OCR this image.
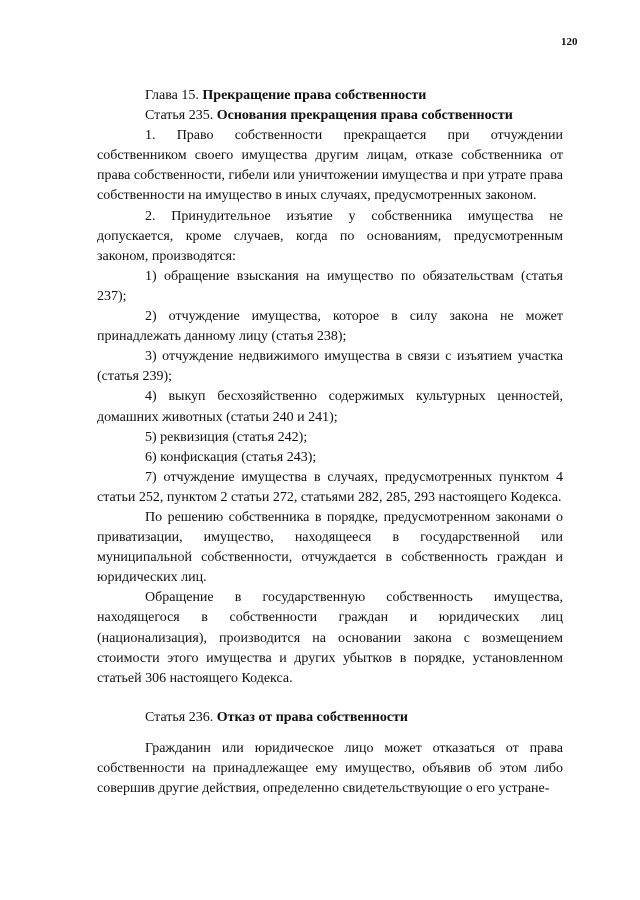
120

Глава 15. Прекращение права собственности

Статья 235. Основания прекращения права собственности

1. Право собственности прекращается при отчуждении собственником своего имущества другим лицам, отказе собственника от права собственности, гибели или уничтожении имущества и при утрате права собственности на имущество в иных случаях, предусмотренных законом.

2. Принудительное изъятие у собственника имущества не допускается, кроме случаев, когда по основаниям, предусмотренным законом, производятся:

1) обращение взыскания на имущество по обязательствам (статья 237);

2) отчуждение имущества, которое в силу закона не может принадлежать данному лицу (статья 238);

3) отчуждение недвижимого имущества в связи с изъятием участка (статья 239);

4) выкуп бесхозяйственно содержимых культурных ценностей, домашних животных (статьи 240 и 241);

5) реквизиция (статья 242);

6) конфискация (статья 243);

7) отчуждение имущества в случаях, предусмотренных пунктом 4 статьи 252, пунктом 2 статьи 272, статьями 282, 285, 293 настоящего Кодекса.

По решению собственника в порядке, предусмотренном законами о приватизации, имущество, находящееся в государственной или муниципальной собственности, отчуждается в собственность граждан и юридических лиц.

Обращение в государственную собственность имущества, находящегося в собственности граждан и юридических лиц (национализация), производится на основании закона с возмещением стоимости этого имущества и других убытков в порядке, установленном статьей 306 настоящего Кодекса.

Статья 236. Отказ от права собственности

Гражданин или юридическое лицо может отказаться от права собственности на принадлежащее ему имущество, объявив об этом либо совершив другие действия, определенно свидетельствующие о его устране-
